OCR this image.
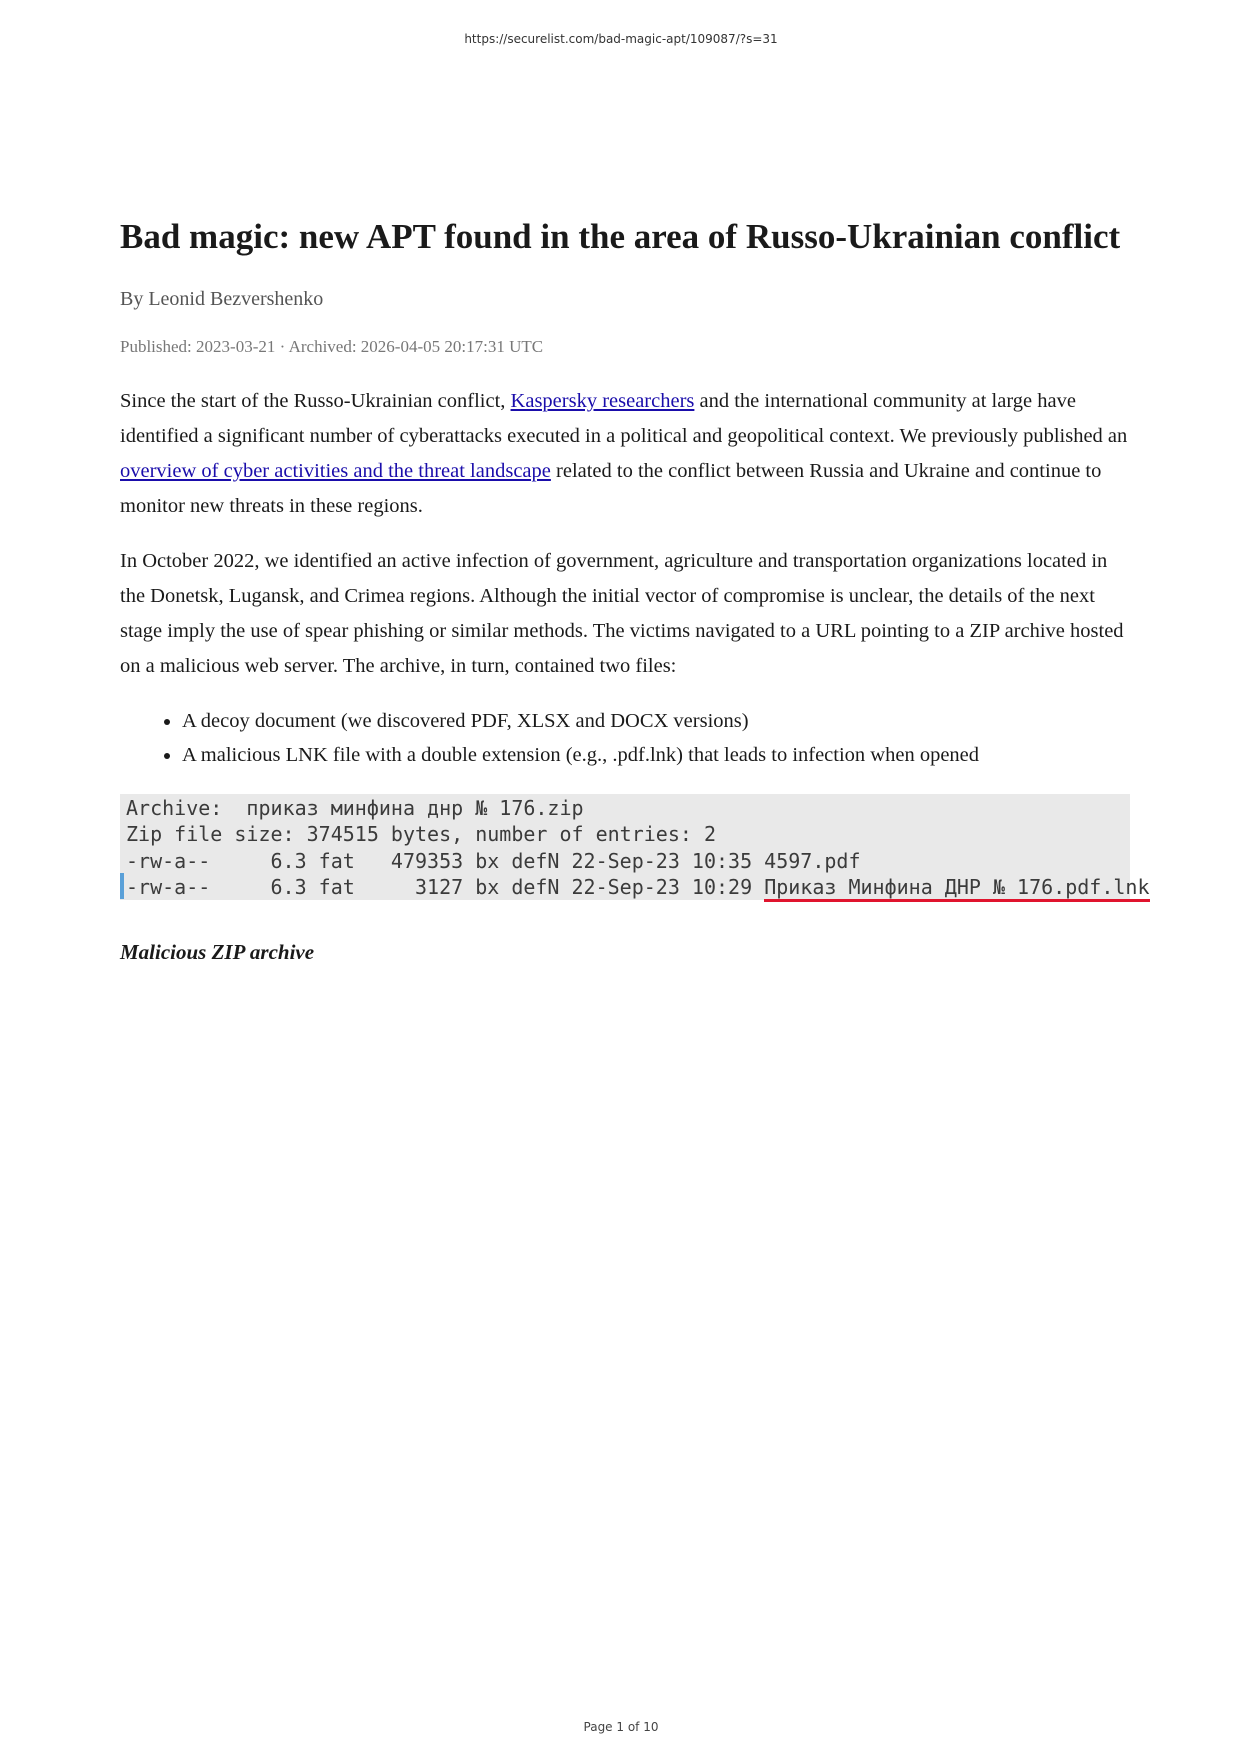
https://securelist.com/bad-magic-apt/109087/?s=31
Bad magic: new APT found in the area of Russo-Ukrainian conflict
By Leonid Bezvershenko
Published: 2023-03-21 · Archived: 2026-04-05 20:17:31 UTC

Since the start of the Russo-Ukrainian conflict, Kaspersky researchers and the international community at large have identified a significant number of cyberattacks executed in a political and geopolitical context. We previously published an overview of cyber activities and the threat landscape related to the conflict between Russia and Ukraine and continue to monitor new threats in these regions.

In October 2022, we identified an active infection of government, agriculture and transportation organizations located in the Donetsk, Lugansk, and Crimea regions. Although the initial vector of compromise is unclear, the details of the next stage imply the use of spear phishing or similar methods. The victims navigated to a URL pointing to a ZIP archive hosted on a malicious web server. The archive, in turn, contained two files:

• A decoy document (we discovered PDF, XLSX and DOCX versions)
• A malicious LNK file with a double extension (e.g., .pdf.lnk) that leads to infection when opened
Archive:  приказ минфина днр № 176.zip
Zip file size: 374515 bytes, number of entries: 2
-rw-a--     6.3 fat   479353 bx defN 22-Sep-23 10:35 4597.pdf
-rw-a--     6.3 fat     3127 bx defN 22-Sep-23 10:29 Приказ Минфина ДНР № 176.pdf.lnk

Malicious ZIP archive

Page 1 of 10
